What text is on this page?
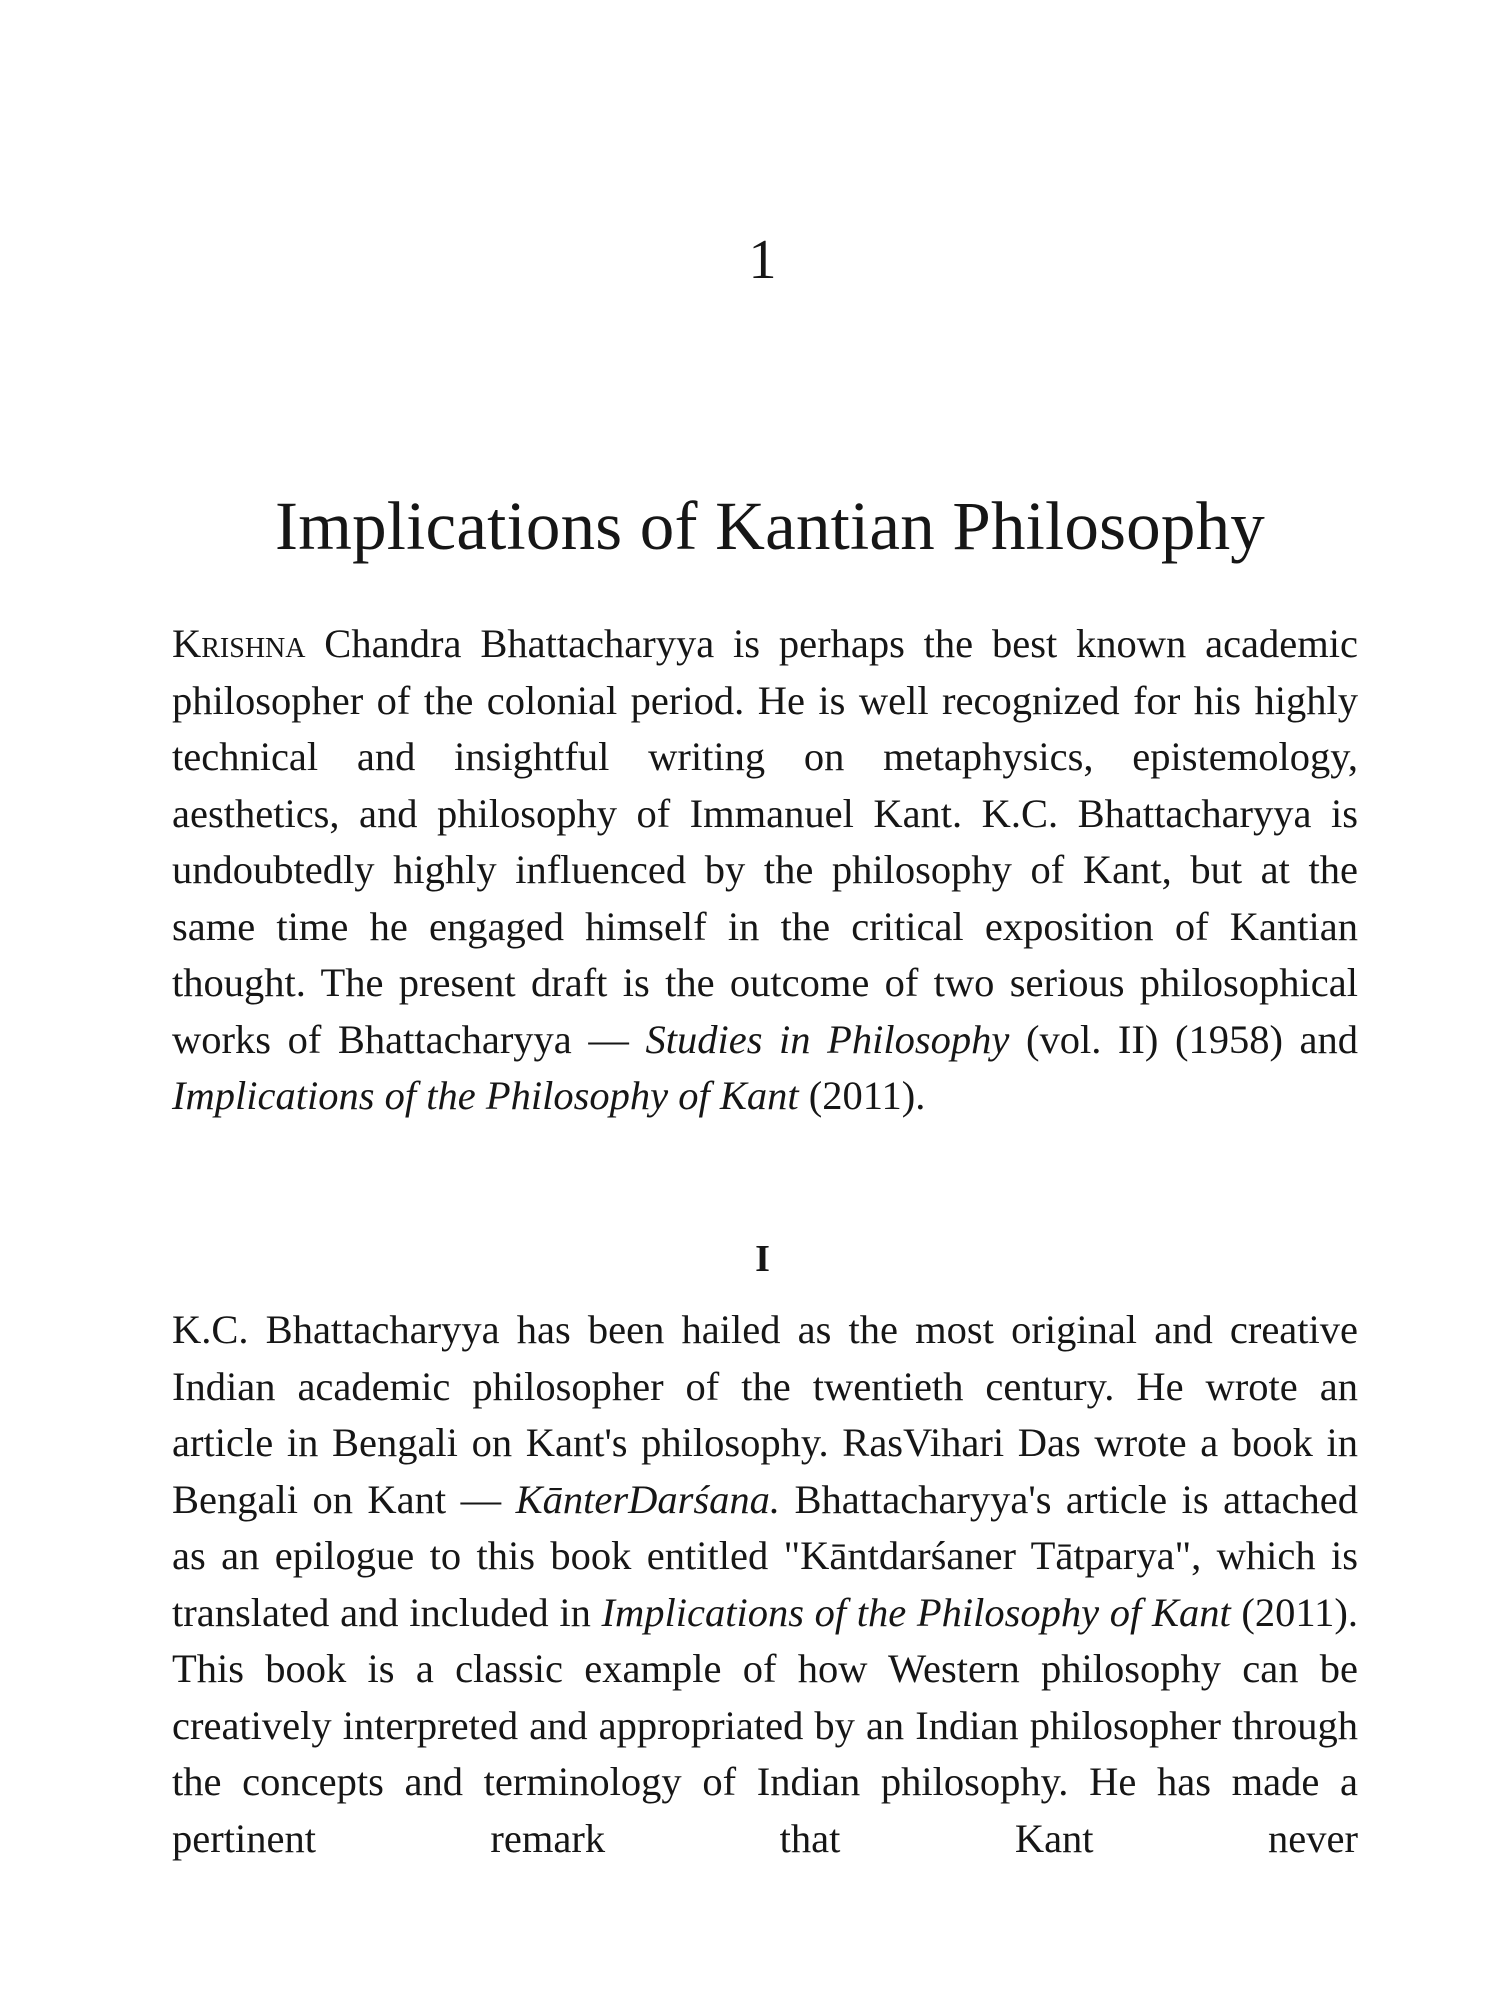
1
Implications of Kantian Philosophy

Krishna Chandra Bhattacharyya is perhaps the best known academic philosopher of the colonial period. He is well recognized for his highly technical and insightful writing on metaphysics, epistemology, aesthetics, and philosophy of Immanuel Kant. K.C. Bhattacharyya is undoubtedly highly influenced by the philosophy of Kant, but at the same time he engaged himself in the critical exposition of Kantian thought. The present draft is the outcome of two serious philosophical works of Bhattacharyya — Studies in Philosophy (vol. II) (1958) and Implications of the Philosophy of Kant (2011).

I

K.C. Bhattacharyya has been hailed as the most original and creative Indian academic philosopher of the twentieth century. He wrote an article in Bengali on Kant's philosophy. RasVihari Das wrote a book in Bengali on Kant — KānterDarśana. Bhattacharyya's article is attached as an epilogue to this book entitled "Kāntdarśaner Tātparya", which is translated and included in Implications of the Philosophy of Kant (2011). This book is a classic example of how Western philosophy can be creatively interpreted and appropriated by an Indian philosopher through the concepts and terminology of Indian philosophy. He has made a pertinent remark that Kant never
